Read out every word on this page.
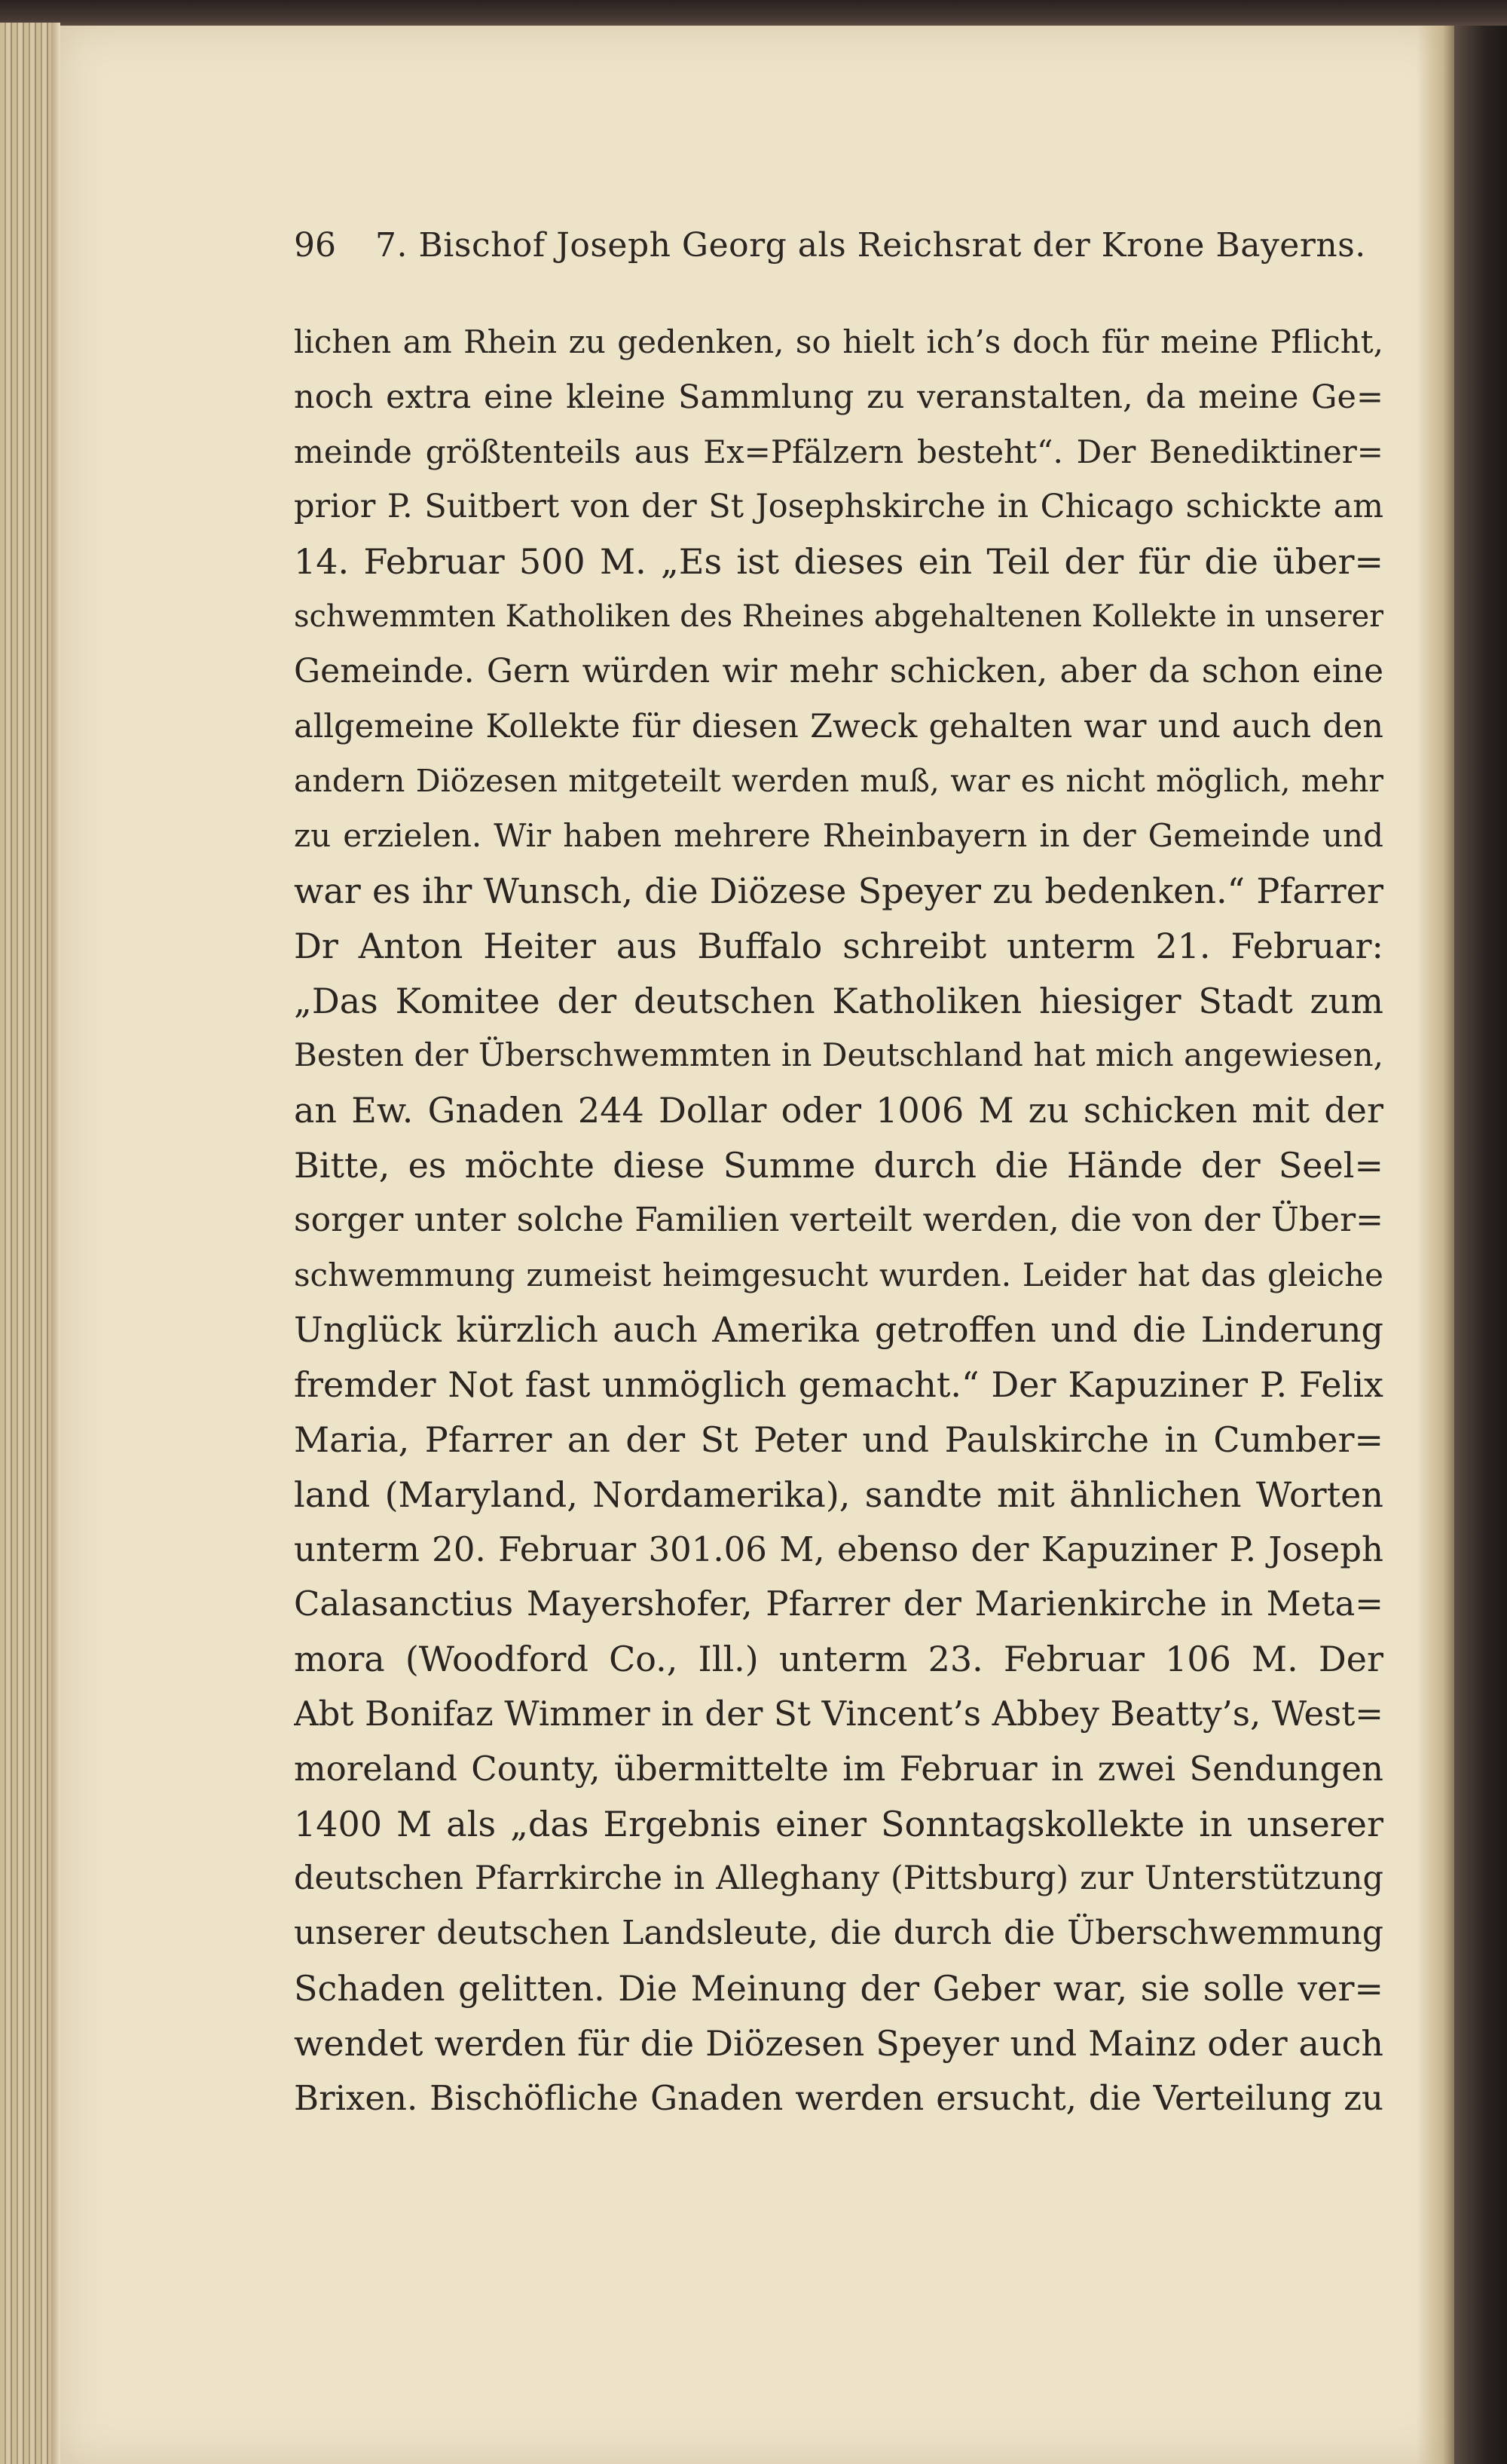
96 7. Bischof Joseph Georg als Reichsrat der Krone Bayerns.
lichen am Rhein zu gedenken, so hielt ich’s doch für meine Pflicht,
noch extra eine kleine Sammlung zu veranstalten, da meine Ge=
meinde größtenteils aus Ex=Pfälzern besteht“. Der Benediktiner=
prior P. Suitbert von der St Josephskirche in Chicago schickte am
14. Februar 500 M. „Es ist dieses ein Teil der für die über=
schwemmten Katholiken des Rheines abgehaltenen Kollekte in unserer
Gemeinde. Gern würden wir mehr schicken, aber da schon eine
allgemeine Kollekte für diesen Zweck gehalten war und auch den
andern Diözesen mitgeteilt werden muß, war es nicht möglich, mehr
zu erzielen. Wir haben mehrere Rheinbayern in der Gemeinde und
war es ihr Wunsch, die Diözese Speyer zu bedenken.“ Pfarrer
Dr Anton Heiter aus Buffalo schreibt unterm 21. Februar:
„Das Komitee der deutschen Katholiken hiesiger Stadt zum
Besten der Überschwemmten in Deutschland hat mich angewiesen,
an Ew. Gnaden 244 Dollar oder 1006 M zu schicken mit der
Bitte, es möchte diese Summe durch die Hände der Seel=
sorger unter solche Familien verteilt werden, die von der Über=
schwemmung zumeist heimgesucht wurden. Leider hat das gleiche
Unglück kürzlich auch Amerika getroffen und die Linderung
fremder Not fast unmöglich gemacht.“ Der Kapuziner P. Felix
Maria, Pfarrer an der St Peter und Paulskirche in Cumber=
land (Maryland, Nordamerika), sandte mit ähnlichen Worten
unterm 20. Februar 301.06 M, ebenso der Kapuziner P. Joseph
Calasanctius Mayershofer, Pfarrer der Marienkirche in Meta=
mora (Woodford Co., Ill.) unterm 23. Februar 106 M. Der
Abt Bonifaz Wimmer in der St Vincent’s Abbey Beatty’s, West=
moreland County, übermittelte im Februar in zwei Sendungen
1400 M als „das Ergebnis einer Sonntagskollekte in unserer
deutschen Pfarrkirche in Alleghany (Pittsburg) zur Unterstützung
unserer deutschen Landsleute, die durch die Überschwemmung
Schaden gelitten. Die Meinung der Geber war, sie solle ver=
wendet werden für die Diözesen Speyer und Mainz oder auch
Brixen. Bischöfliche Gnaden werden ersucht, die Verteilung zu
